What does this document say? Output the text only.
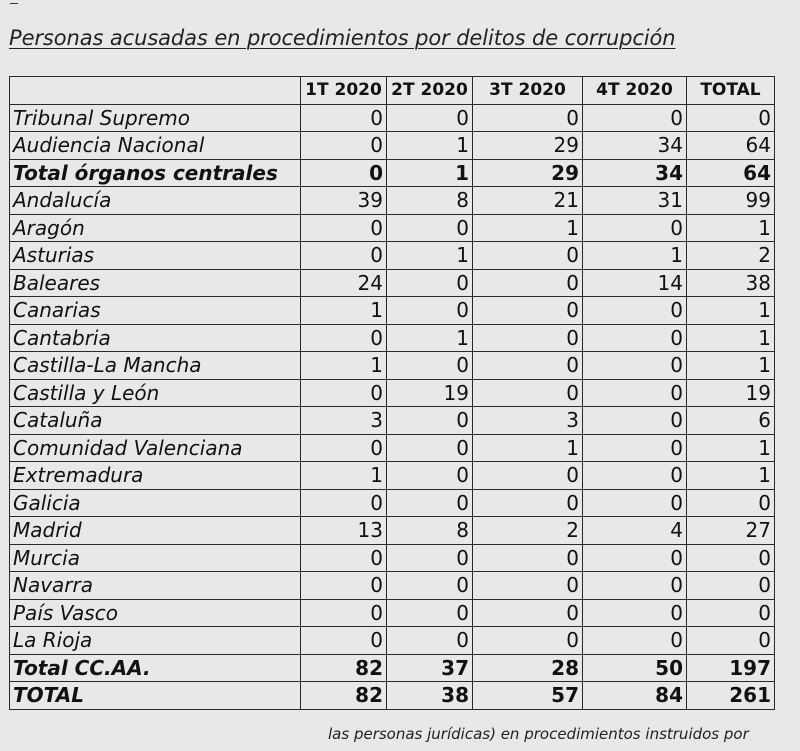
Personas acusadas en procedimientos por delitos de corrupción
	1T 2020	2T 2020	3T 2020	4T 2020	TOTAL
Tribunal Supremo	0	0	0	0	0
Audiencia Nacional	0	1	29	34	64
Total órganos centrales	0	1	29	34	64
Andalucía	39	8	21	31	99
Aragón	0	0	1	0	1
Asturias	0	1	0	1	2
Baleares	24	0	0	14	38
Canarias	1	0	0	0	1
Cantabria	0	1	0	0	1
Castilla-La Mancha	1	0	0	0	1
Castilla y León	0	19	0	0	19
Cataluña	3	0	3	0	6
Comunidad Valenciana	0	0	1	0	1
Extremadura	1	0	0	0	1
Galicia	0	0	0	0	0
Madrid	13	8	2	4	27
Murcia	0	0	0	0	0
Navarra	0	0	0	0	0
País Vasco	0	0	0	0	0
La Rioja	0	0	0	0	0
Total CC.AA.	82	37	28	50	197
TOTAL	82	38	57	84	261
las personas jurídicas) en procedimientos instruidos por
